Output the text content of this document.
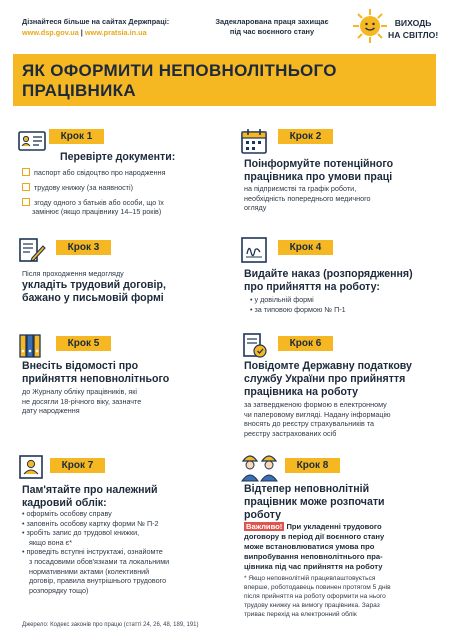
Дізнайтеся більше на сайтах Держпраці:
www.dsp.gov.ua | www.pratsia.in.ua
Задекларована праця захищає
під час воєнного стану
ВИХОДЬ
НА СВІТЛО!
ЯК ОФОРМИТИ НЕПОВНОЛІТНЬОГО
ПРАЦІВНИКА
Крок 1
Перевірте документи:
паспорт або свідоцтво про народження
трудову книжку (за наявності)
згоду одного з батьків або особи, що їх
замінює (якщо працівнику 14–15 років)
Крок 2
Поінформуйте потенційного
працівника про умови праці
на підприємстві та графік роботи,
необхідність попереднього медичного
огляду
Крок 3
Після проходження медогляду
укладіть трудовий договір,
бажано у письмовій формі
Крок 4
Видайте наказ (розпорядження)
про прийняття на роботу:
• у довільній формі
• за типовою формою № П-1
Крок 5
Внесіть відомості про
прийняття неповнолітнього
до Журналу обліку працівників, які
не досягли 18-річного віку, зазначте
дату народження
Крок 6
Повідомте Державну податкову
службу України про прийняття
працівника на роботу
за затвердженою формою в електронному
чи паперовому вигляді. Надану інформацію
вносять до реєстру страхувальників та
реєстру застрахованих осіб
Крок 7
Пам'ятайте про належний
кадровий облік:
• оформіть особову справу
• заповніть особову картку форми № П-2
• зробіть запис до трудової книжки,
якщо вона є*
• проведіть вступні інструктажі, ознайомте
з посадовими обов'язками та локальними
нормативними актами (колективний
договір, правила внутрішнього трудового
розпорядку тощо)
Крок 8
Відтепер неповнолітній
працівник може розпочати
роботу
Важливо! При укладенні трудового
договору в період дії воєнного стану
може встановлюватися умова про
випробування неповнолітнього пра-
цівника під час прийняття на роботу
* Якщо неповнолітній працевлаштовується
вперше, роботодавець повинен протягом 5 днів
після прийняття на роботу оформити на нього
трудову книжку на вимогу працівника. Зараз
триває перехід на електронний облік
Джерело: Кодекс законів про працю (статті 24, 26, 48, 189, 191)
